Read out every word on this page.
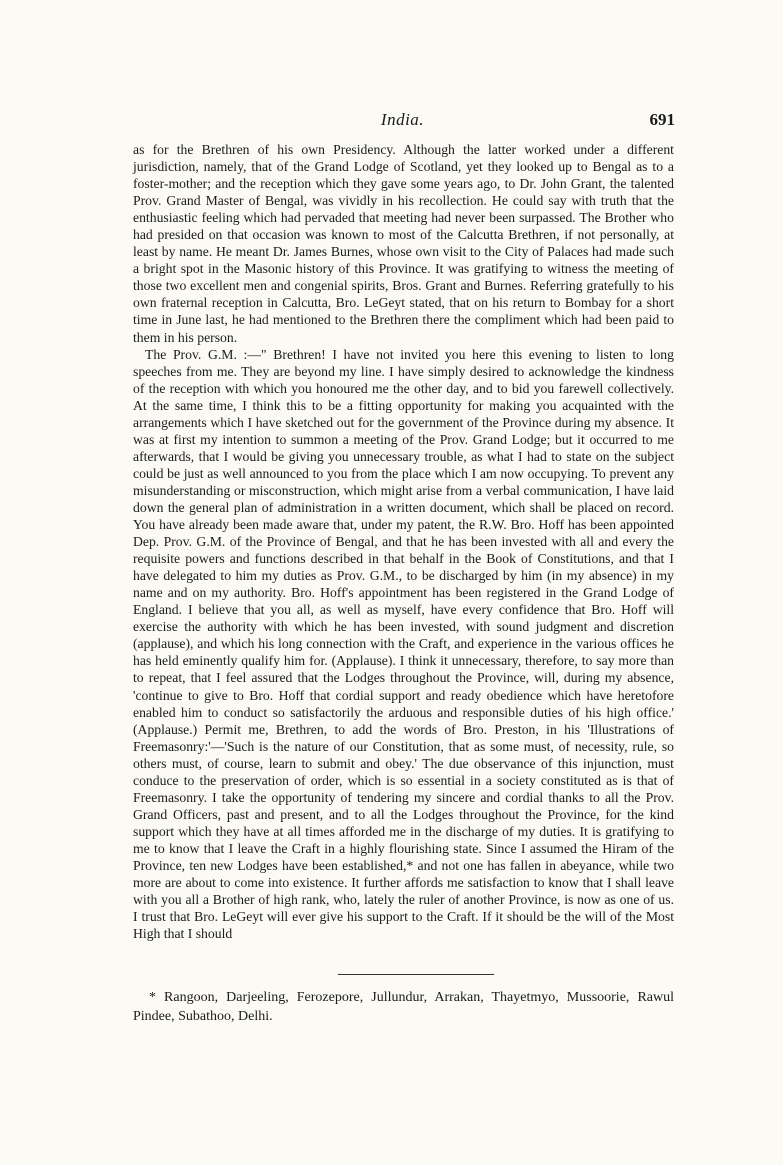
India.	691

as for the Brethren of his own Presidency. Although the latter worked under a different jurisdiction, namely, that of the Grand Lodge of Scotland, yet they looked up to Bengal as to a foster-mother; and the reception which they gave some years ago, to Dr. John Grant, the talented Prov. Grand Master of Bengal, was vividly in his recollection. He could say with truth that the enthusiastic feeling which had pervaded that meeting had never been surpassed. The Brother who had presided on that occasion was known to most of the Calcutta Brethren, if not personally, at least by name. He meant Dr. James Burnes, whose own visit to the City of Palaces had made such a bright spot in the Masonic history of this Province. It was gratifying to witness the meeting of those two excellent men and congenial spirits, Bros. Grant and Burnes. Referring gratefully to his own fraternal reception in Calcutta, Bro. LeGeyt stated, that on his return to Bombay for a short time in June last, he had mentioned to the Brethren there the compliment which had been paid to them in his person.

The Prov. G.M. :—" Brethren! I have not invited you here this evening to listen to long speeches from me. They are beyond my line. I have simply desired to acknowledge the kindness of the reception with which you honoured me the other day, and to bid you farewell collectively. At the same time, I think this to be a fitting opportunity for making you acquainted with the arrangements which I have sketched out for the government of the Province during my absence. It was at first my intention to summon a meeting of the Prov. Grand Lodge; but it occurred to me afterwards, that I would be giving you unnecessary trouble, as what I had to state on the subject could be just as well announced to you from the place which I am now occupying. To prevent any misunderstanding or misconstruction, which might arise from a verbal communication, I have laid down the general plan of administration in a written document, which shall be placed on record. You have already been made aware that, under my patent, the R.W. Bro. Hoff has been appointed Dep. Prov. G.M. of the Province of Bengal, and that he has been invested with all and every the requisite powers and functions described in that behalf in the Book of Constitutions, and that I have delegated to him my duties as Prov. G.M., to be discharged by him (in my absence) in my name and on my authority. Bro. Hoff's appointment has been registered in the Grand Lodge of England. I believe that you all, as well as myself, have every confidence that Bro. Hoff will exercise the authority with which he has been invested, with sound judgment and discretion (applause), and which his long connection with the Craft, and experience in the various offices he has held eminently qualify him for. (Applause). I think it unnecessary, therefore, to say more than to repeat, that I feel assured that the Lodges throughout the Province, will, during my absence, 'continue to give to Bro. Hoff that cordial support and ready obedience which have heretofore enabled him to conduct so satisfactorily the arduous and responsible duties of his high office.' (Applause.) Permit me, Brethren, to add the words of Bro. Preston, in his 'Illustrations of Freemasonry:'—'Such is the nature of our Constitution, that as some must, of necessity, rule, so others must, of course, learn to submit and obey.' The due observance of this injunction, must conduce to the preservation of order, which is so essential in a society constituted as is that of Freemasonry. I take the opportunity of tendering my sincere and cordial thanks to all the Prov. Grand Officers, past and present, and to all the Lodges throughout the Province, for the kind support which they have at all times afforded me in the discharge of my duties. It is gratifying to me to know that I leave the Craft in a highly flourishing state. Since I assumed the Hiram of the Province, ten new Lodges have been established,* and not one has fallen in abeyance, while two more are about to come into existence. It further affords me satisfaction to know that I shall leave with you all a Brother of high rank, who, lately the ruler of another Province, is now as one of us. I trust that Bro. LeGeyt will ever give his support to the Craft. If it should be the will of the Most High that I should

* Rangoon, Darjeeling, Ferozepore, Jullundur, Arrakan, Thayetmyo, Mussoorie, Rawul Pindee, Subathoo, Delhi.
